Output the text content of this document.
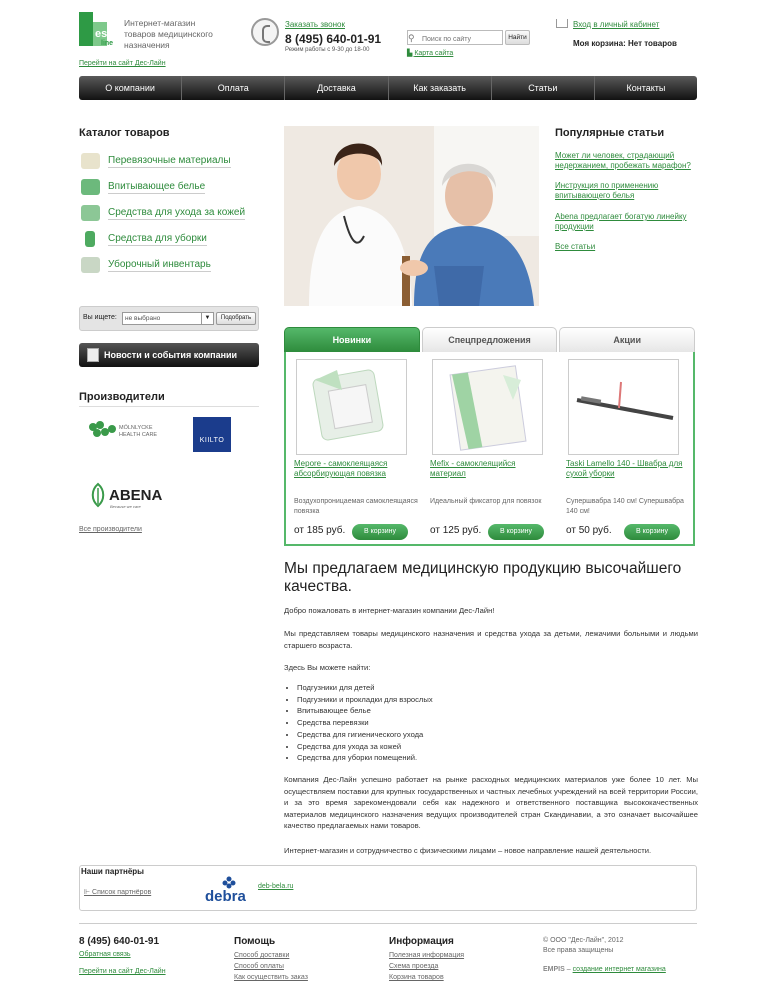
es
line
Интернет-магазин товаров медицинского назначения
Перейти на сайт Дес-Лайн
Заказать звонок
8 (495) 640-01-91
Режим работы с 9-30 до 18-00
Поиск по сайту
⚲	Найти
▙ Карта сайта
Вход в личный кабинет
Моя корзина: Нет товаров
О компании	Оплата	Доставка	Как заказать	Статьи	Контакты
Каталог товаров
Перевязочные материалы
Впитывающее белье
Средства для ухода за кожей
Средства для уборки
Уборочный инвентарь
Вы ищете:	не выбрано	▼	Подобрать
Новости и события компании
Производители
MÖLNLYCKE
HEALTH CARE
KIILTO
ABENA
Because we care
Все производители
Популярные статьи
Может ли человек, страдающий недержанием, пробежать марафон?
Инструкция по применению впитывающего белья
Abena предлагает богатую линейку продукции
Все статьи
Новинки	Спецпредложения	Акции
Mepore - самоклеящаяся абсорбирующая повязка
Воздухопроницаемая самоклеящаяся повязка
от 185 руб.	В корзину
Mefix - самоклеящийся материал
Идеальный фиксатор для повязок
от 125 руб.	В корзину
Taski Lamello 140 - Швабра для сухой уборки
Супершвабра 140 см! Супершвабра 140 см!
от 50 руб.	В корзину
Мы предлагаем медицинскую продукцию высочайшего качества.
Добро пожаловать в интернет-магазин компании Дес-Лайн!
Мы представляем товары медицинского назначения и средства ухода за детьми, лежачими больными и людьми старшего возраста.
Здесь Вы можете найти:
• Подгузники для детей
• Подгузники и прокладки для взрослых
• Впитывающее белье
• Средства перевязки
• Средства для гигиенического ухода
• Средства для ухода за кожей
• Средства для уборки помещений.
Компания Дес-Лайн успешно работает на рынке расходных медицинских материалов уже более 10 лет. Мы осуществляем поставки для крупных государственных и частных лечебных учреждений на всей территории России, и за это время зарекомендовали себя как надежного и ответственного поставщика высококачественных материалов медицинского назначения ведущих производителей стран Скандинавии, а это означает высочайшее качество предлагаемых нами товаров.
Интернет-магазин и сотрудничество с физическими лицами – новое направление нашей деятельности.
Наши партнёры
⊩ Список партнёров	debra
deb-bela.ru
8 (495) 640-01-91
Обратная связь
Перейти на сайт Дес-Лайн
Помощь
Способ доставки
Способ оплаты
Как осуществить заказ
Информация
Полезная информация
Схема проезда
Корзина товаров
© ООО "Дес-Лайн", 2012
Все права защищены
EMPIS – создание интернет магазина
